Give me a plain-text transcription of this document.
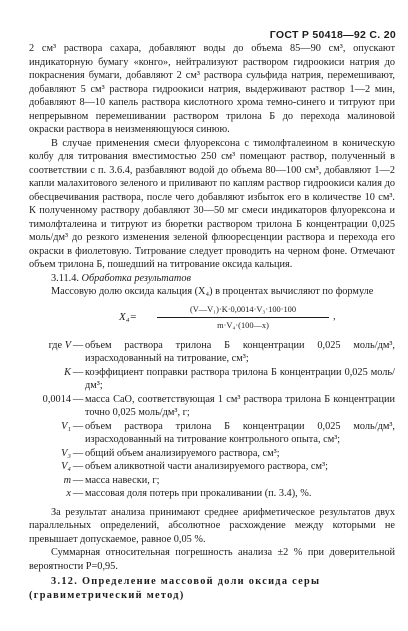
ГОСТ Р 50418—92 С. 20

2 см³ раствора сахара, добавляют воды до объема 85—90 см³, опускают индикаторную бумагу «конго», нейтрализуют раствором гидроокиси натрия до покраснения бумаги, добавляют 2 см³ раствора сульфида натрия, перемешивают, добавляют 5 см³ раствора гидроокиси натрия, выдерживают раствор 1—2 мин, добавляют 8—10 капель раствора кислотного хрома темно-синего и титруют при непрерывном перемешивании раствором трилона Б до перехода малиновой окраски раствора в неизменяющуюся синюю.

В случае применения смеси флуорексона с тимолфталеином в коническую колбу для титрования вместимостью 250 см³ помещают раствор, полученный в соответствии с п. 3.6.4, разбавляют водой до объема 80—100 см³, добавляют 1—2 капли малахитового зеленого и приливают по каплям раствор гидроокиси калия до обесцвечивания раствора, после чего добавляют избыток его в количестве 10 см³. К полученному раствору добавляют 30—50 мг смеси индикаторов флуорексона и тимолфталеина и титруют из бюретки раствором трилона Б концентрации 0,025 моль/дм³ до резкого изменения зеленой флюоресценции раствора и перехода его окраски в фиолетовую. Титрование следует проводить на черном фоне. Отмечают объем трилона Б, пошедший на титрование оксида кальция.

3.11.4. Обработка результатов

Массовую долю оксида кальция (X₄) в процентах вычисляют по формуле

$X_4= \frac{\text{(V—V₁)·K·0,0014·V₃·100·100}}{\text{m·V₄·(100—x)}}$ ,
где V — объем раствора трилона Б концентрации 0,025 моль/дм³, израсходованный на титрование, см³;
K — коэффициент поправки раствора трилона Б концентрации 0,025 моль/дм³;
0,0014 — масса CaO, соответствующая 1 см³ раствора трилона Б концентрации точно 0,025 моль/дм³, г;
V₁ — объем раствора трилона Б концентрации 0,025 моль/дм³, израсходованный на титрование контрольного опыта, см³;
V₃ — общий объем анализируемого раствора, см³;
V₄ — объем аликвотной части анализируемого раствора, см³;
m — масса навески, г;
x — массовая доля потерь при прокаливании (п. 3.4), %.

За результат анализа принимают среднее арифметическое результатов двух параллельных определений, абсолютное расхождение между которыми не превышает допускаемое, равное 0,05 %.

Суммарная относительная погрешность анализа ±2 % при доверительной вероятности P=0,95.

3.12. Определение массовой доли оксида серы (гравиметрический метод)
